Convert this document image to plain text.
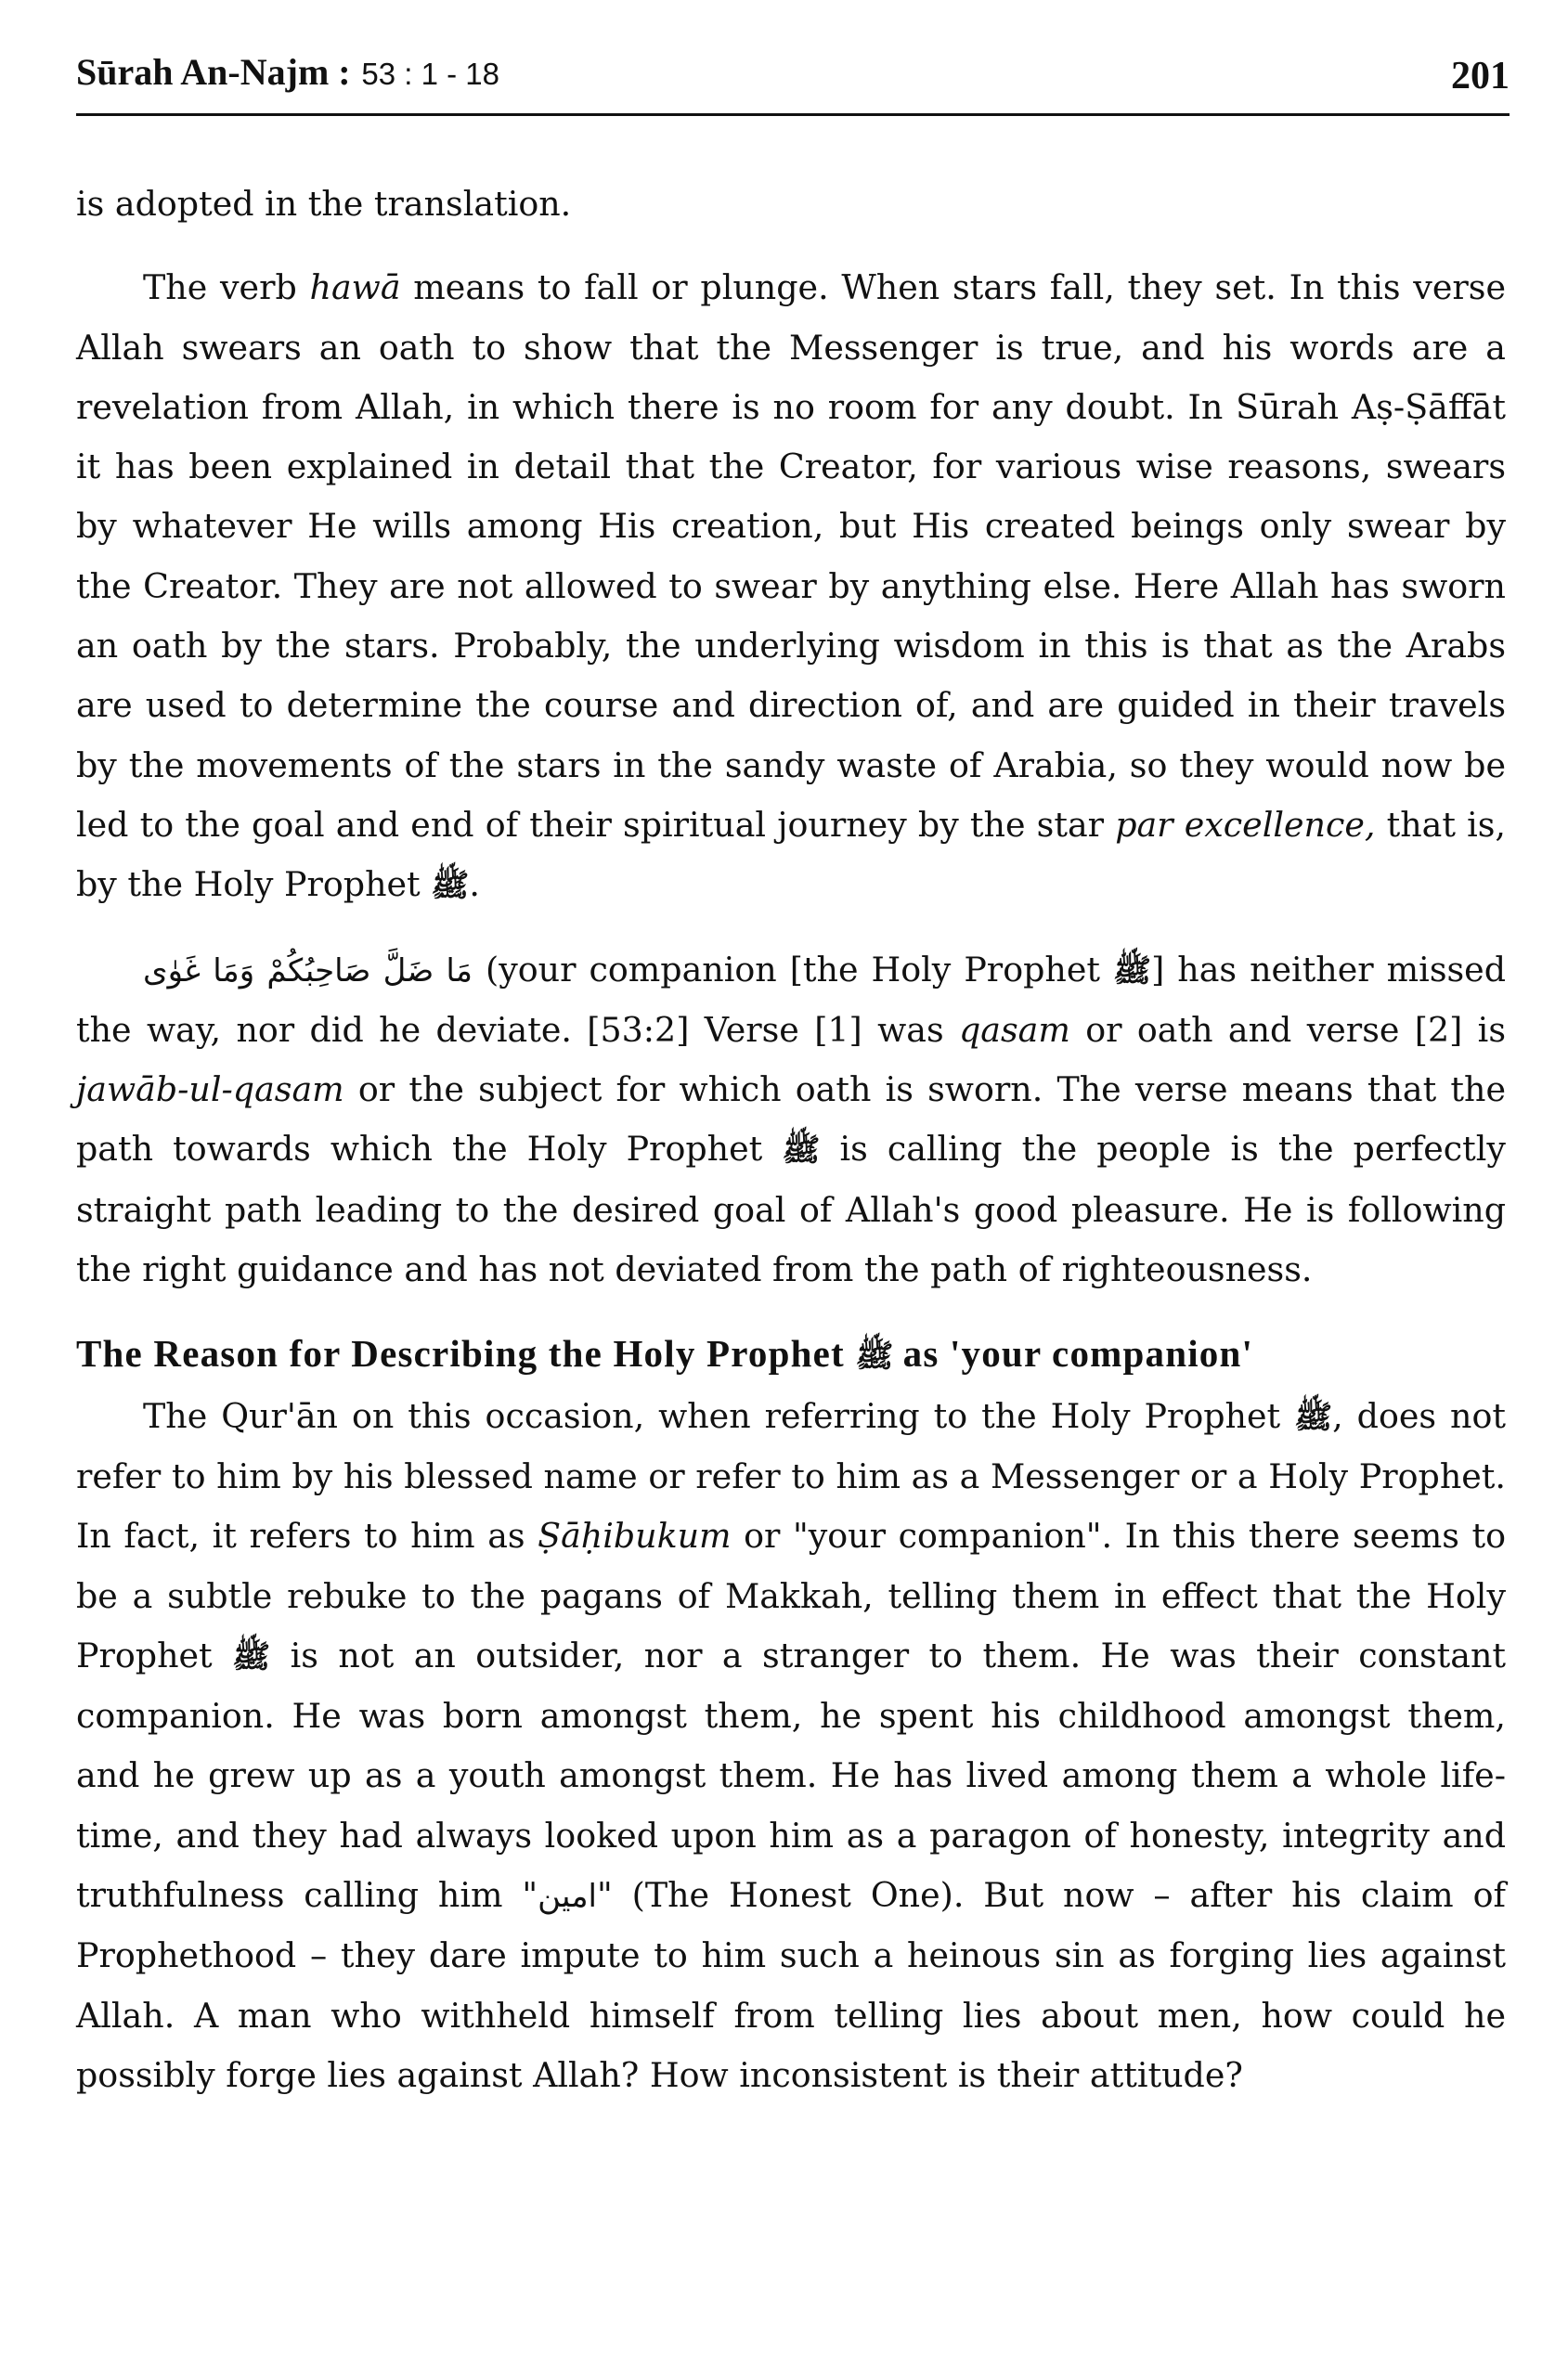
Sūrah An-Najm : 53 : 1 - 18	201

is adopted in the translation.

The verb hawā means to fall or plunge. When stars fall, they set. In this verse Allah swears an oath to show that the Messenger is true, and his words are a revelation from Allah, in which there is no room for any doubt. In Sūrah Aṣ-Ṣāffāt it has been explained in detail that the Creator, for various wise reasons, swears by whatever He wills among His creation, but His created beings only swear by the Creator. They are not allowed to swear by anything else. Here Allah has sworn an oath by the stars. Probably, the underlying wisdom in this is that as the Arabs are used to determine the course and direction of, and are guided in their travels by the movements of the stars in the sandy waste of Arabia, so they would now be led to the goal and end of their spiritual journey by the star par excellence, that is, by the Holy Prophet ﷺ.

مَا ضَلَّ صَاحِبُكُمْ وَمَا غَوٰى (your companion [the Holy Prophet ﷺ] has neither missed the way, nor did he deviate. [53:2] Verse [1] was qasam or oath and verse [2] is jawāb-ul-qasam or the subject for which oath is sworn. The verse means that the path towards which the Holy Prophet ﷺ is calling the people is the perfectly straight path leading to the desired goal of Allah's good pleasure. He is following the right guidance and has not deviated from the path of righteousness.

The Reason for Describing the Holy Prophet ﷺ as 'your companion'

The Qur'ān on this occasion, when referring to the Holy Prophet ﷺ, does not refer to him by his blessed name or refer to him as a Messenger or a Holy Prophet. In fact, it refers to him as Ṣāḥibukum or "your companion". In this there seems to be a subtle rebuke to the pagans of Makkah, telling them in effect that the Holy Prophet ﷺ is not an outsider, nor a stranger to them. He was their constant companion. He was born amongst them, he spent his childhood amongst them, and he grew up as a youth amongst them. He has lived among them a whole life-time, and they had always looked upon him as a paragon of honesty, integrity and truthfulness calling him "امين" (The Honest One). But now – after his claim of Prophethood – they dare impute to him such a heinous sin as forging lies against Allah. A man who withheld himself from telling lies about men, how could he possibly forge lies against Allah? How inconsistent is their attitude?
